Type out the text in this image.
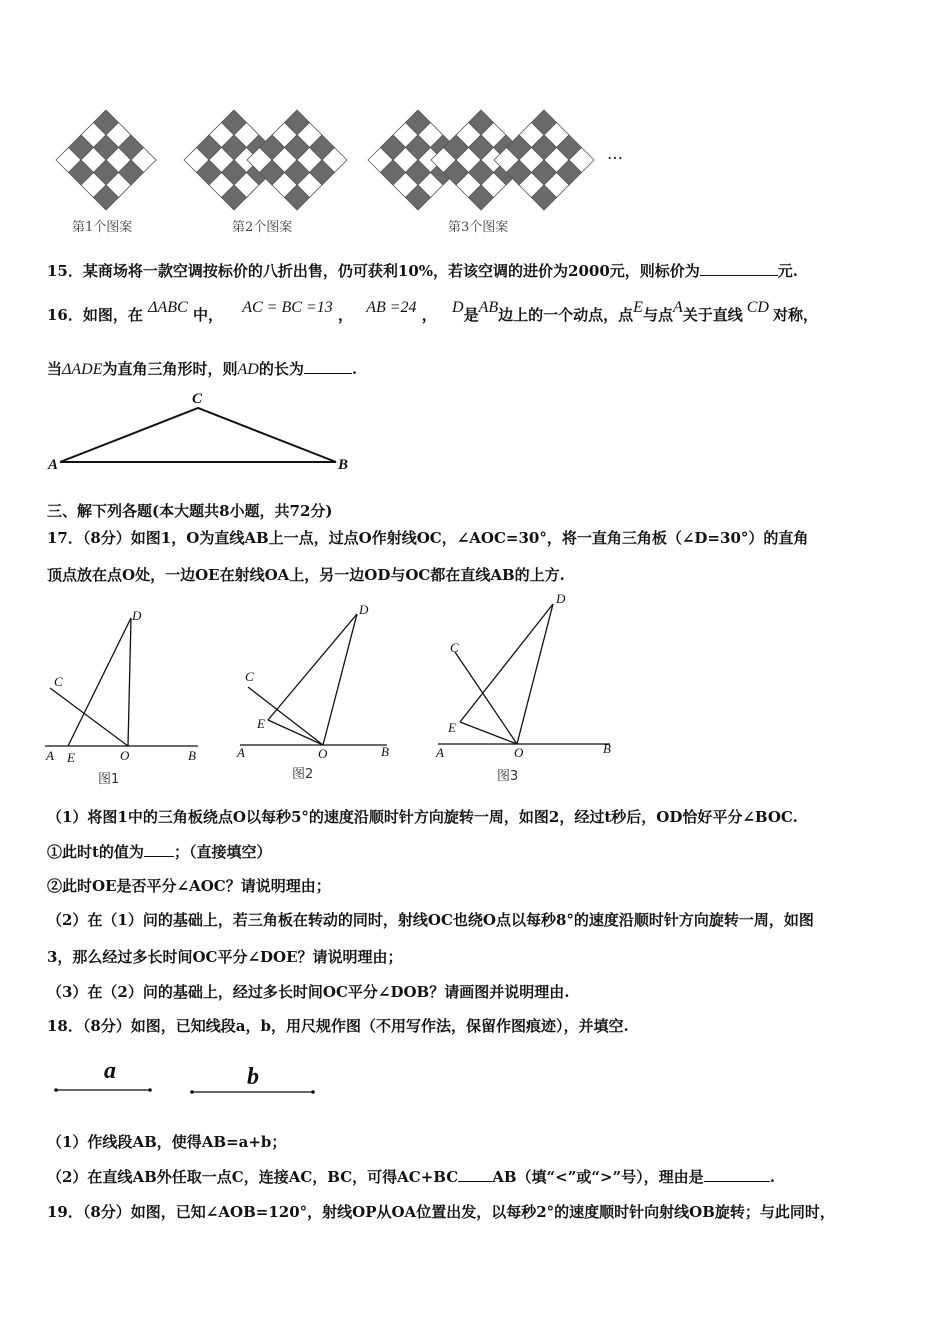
…
第1个图案	第2个图案	第3个图案
15．某商场将一款空调按标价的八折出售，仍可获利10%，若该空调的进价为2000元，则标价为	元.
16．如图，在 ΔABC 中， AC = BC =13 ， AB =24 ， D是AB边上的一个动点，点E与点A关于直线 CD 对称，
当ΔADE为直角三角形时，则AD的长为	.
C
A	B
三、解下列各题(本大题共8小题，共72分)
17．（8分）如图1，O为直线AB上一点，过点O作射线OC，∠AOC=30°，将一直角三角板（∠D=30°）的直角
顶点放在点O处，一边OE在射线OA上，另一边OD与OC都在直线AB的上方.
D
C
A E	O	B
图1
D
C
E
A	O	B
图2
D
C
E
A	O	B
图3
（1）将图1中的三角板绕点O以每秒5°的速度沿顺时针方向旋转一周，如图2，经过t秒后，OD恰好平分∠BOC.
①此时t的值为 ；（直接填空）
②此时OE是否平分∠AOC？请说明理由；
（2）在（1）问的基础上，若三角板在转动的同时，射线OC也绕O点以每秒8°的速度沿顺时针方向旋转一周，如图
3，那么经过多长时间OC平分∠DOE？请说明理由；
（3）在（2）问的基础上，经过多长时间OC平分∠DOB？请画图并说明理由.
18．（8分）如图，已知线段a，b，用尺规作图（不用写作法，保留作图痕迹），并填空.
a	b
（1）作线段AB，使得AB=a+b；
（2）在直线AB外任取一点C，连接AC，BC，可得AC+BC AB（填“<”或“>”号），理由是	.
19．（8分）如图，已知∠AOB=120°，射线OP从OA位置出发，以每秒2°的速度顺时针向射线OB旋转；与此同时，
